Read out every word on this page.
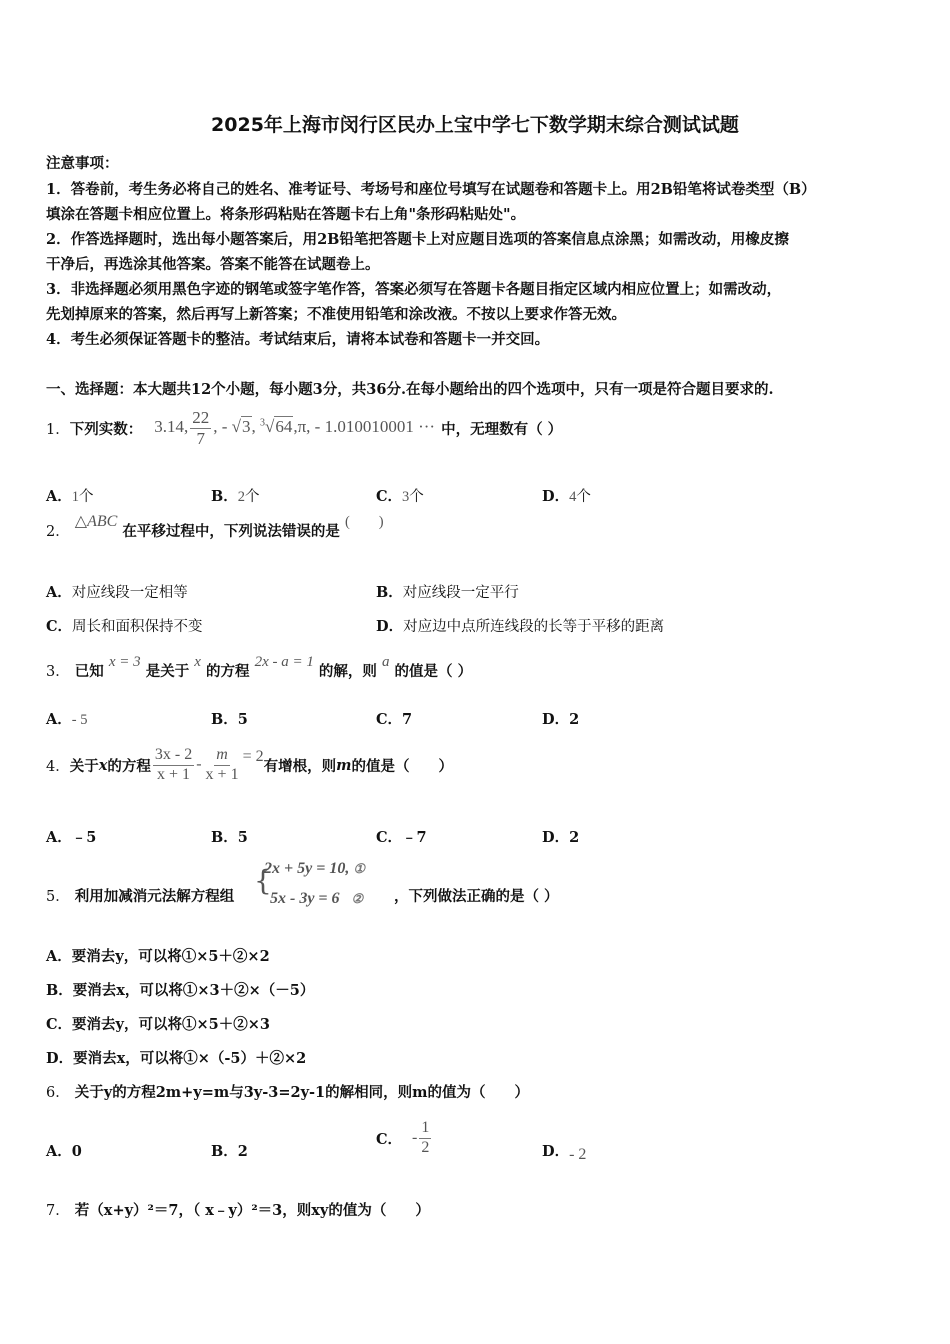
2025年上海市闵行区民办上宝中学七下数学期末综合测试试题
注意事项：
1．答卷前，考生务必将自己的姓名、准考证号、考场号和座位号填写在试题卷和答题卡上。用2B铅笔将试卷类型（B）
填涂在答题卡相应位置上。将条形码粘贴在答题卡右上角"条形码粘贴处"。
2．作答选择题时，选出每小题答案后，用2B铅笔把答题卡上对应题目选项的答案信息点涂黑；如需改动，用橡皮擦
干净后，再选涂其他答案。答案不能答在试题卷上。
3．非选择题必须用黑色字迹的钢笔或签字笔作答，答案必须写在答题卡各题目指定区域内相应位置上；如需改动，
先划掉原来的答案，然后再写上新答案；不准使用铅笔和涂改液。不按以上要求作答无效。
4．考生必须保证答题卡的整洁。考试结束后，请将本试卷和答题卡一并交回。
一、选择题：本大题共12个小题，每小题3分，共36分.在每小题给出的四个选项中，只有一项是符合题目要求的.
1． 下列实数： 3.14, $\frac{22}{7}$ , - √3, $^3$√64,π, - 1.010010001 ··· 中，无理数有（ ）
A．1个	B．2个	C．3个	D．4个
2． △ABC 在平移过程中，下列说法错误的是 (　　)
A．对应线段一定相等	B．对应线段一定平行
C．周长和面积保持不变	D．对应边中点所连线段的长等于平移的距离
3． 已知 x = 3 是关于 x 的方程 2x - a = 1 的解，则 a 的值是（ ）
A．- 5	B．5	C．7	D．2
4． 关于 x 的方程 $\frac{3x - 2}{x + 1} - \frac{m}{x + 1} = 2$
有增根，则 m 的值是（　　）
A．﹣5	B．5	C．﹣7	D．2
5． 利用加减消元法解方程组 {
2x + 5y = 10, ①
5x - 3y = 6 ② ，下列做法正确的是（ ）
A．要消去y，可以将①×5＋②×2
B．要消去x，可以将①×3＋②×（－5）
C．要消去y，可以将①×5＋②×3
D．要消去x，可以将①×（-5）＋②×2
6． 关于y的方程2m+y=m与3y-3=2y-1的解相同，则m的值为（　　）
A．0	B．2
C． - $\frac{1}{2}$	D．- 2
7． 若（x+y）²＝7，（ x﹣y）²＝3，则xy的值为（　　）
